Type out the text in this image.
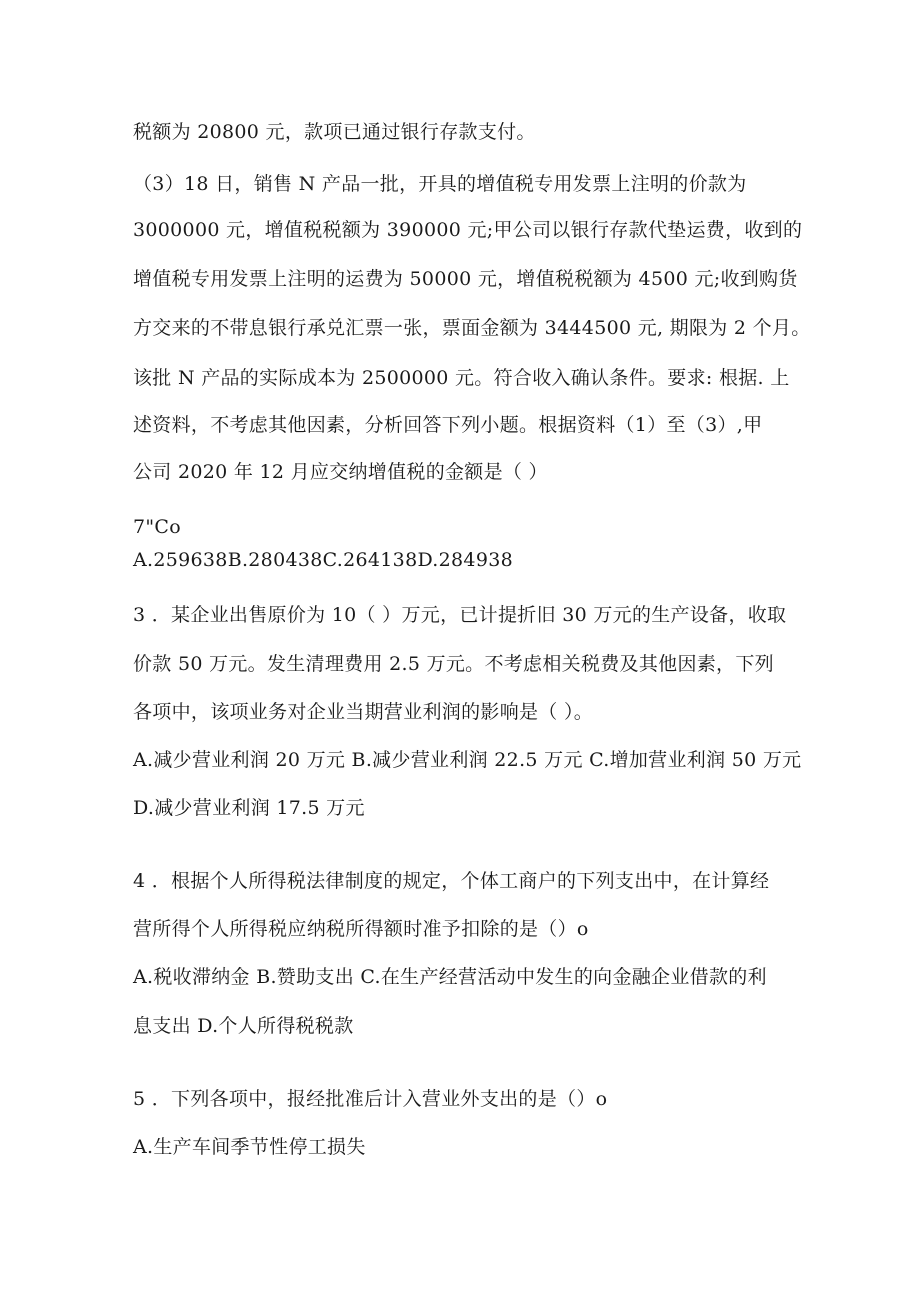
税额为 20800 元，款项已通过银行存款支付。
（3）18 日，销售 N 产品一批，开具的增值税专用发票上注明的价款为
3000000 元，增值税税额为 390000 元;甲公司以银行存款代垫运费，收到的
增值税专用发票上注明的运费为 50000 元，增值税税额为 4500 元;收到购货
方交来的不带息银行承兑汇票一张，票面金额为 3444500 元, 期限为 2 个月。
该批 N 产品的实际成本为 2500000 元。符合收入确认条件。要求: 根据. 上
述资料，不考虑其他因素，分析回答下列小题。根据资料（1）至（3）,甲
公司 2020 年 12 月应交纳增值税的金额是（ ）
7"Co
A.259638B.280438C.264138D.284938
3 ．某企业出售原价为 10（ ）万元，已计提折旧 30 万元的生产设备，收取
价款 50 万元。发生清理费用 2.5 万元。不考虑相关税费及其他因素，下列
各项中，该项业务对企业当期营业利润的影响是（ ）。
A.减少营业利润 20 万元 B.减少营业利润 22.5 万元 C.增加营业利润 50 万元
D.减少营业利润 17.5 万元
4 ．根据个人所得税法律制度的规定，个体工商户的下列支出中，在计算经
营所得个人所得税应纳税所得额时准予扣除的是（）o
A.税收滞纳金 B.赞助支出 C.在生产经营活动中发生的向金融企业借款的利
息支出 D.个人所得税税款
5 ．下列各项中，报经批准后计入营业外支出的是（）o
A.生产车间季节性停工损失
